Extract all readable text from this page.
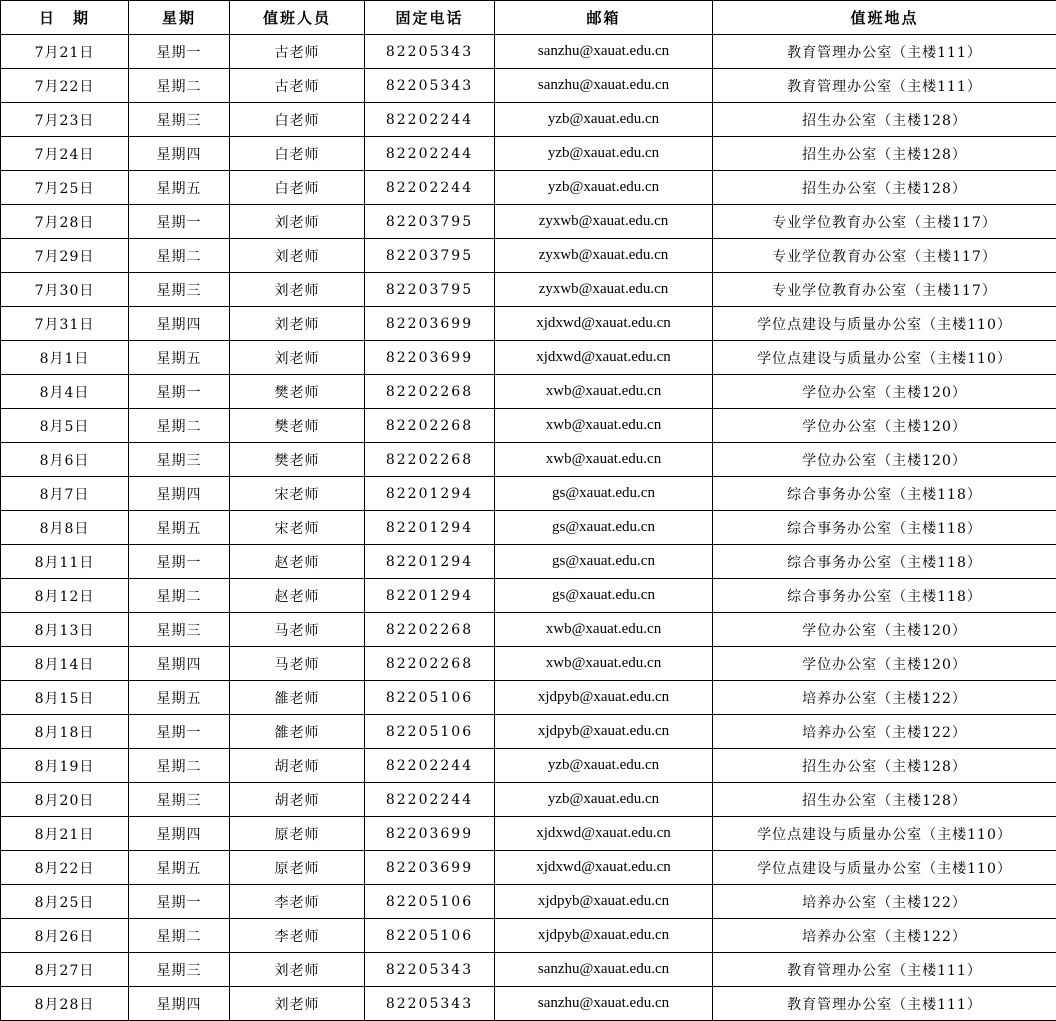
日　期	星期	值班人员	固定电话	邮箱	值班地点
7月21日	星期一	古老师	82205343	sanzhu@xauat.edu.cn	教育管理办公室（主楼111）
7月22日	星期二	古老师	82205343	sanzhu@xauat.edu.cn	教育管理办公室（主楼111）
7月23日	星期三	白老师	82202244	yzb@xauat.edu.cn	招生办公室（主楼128）
7月24日	星期四	白老师	82202244	yzb@xauat.edu.cn	招生办公室（主楼128）
7月25日	星期五	白老师	82202244	yzb@xauat.edu.cn	招生办公室（主楼128）
7月28日	星期一	刘老师	82203795	zyxwb@xauat.edu.cn	专业学位教育办公室（主楼117）
7月29日	星期二	刘老师	82203795	zyxwb@xauat.edu.cn	专业学位教育办公室（主楼117）
7月30日	星期三	刘老师	82203795	zyxwb@xauat.edu.cn	专业学位教育办公室（主楼117）
7月31日	星期四	刘老师	82203699	xjdxwd@xauat.edu.cn	学位点建设与质量办公室（主楼110）
8月1日	星期五	刘老师	82203699	xjdxwd@xauat.edu.cn	学位点建设与质量办公室（主楼110）
8月4日	星期一	樊老师	82202268	xwb@xauat.edu.cn	学位办公室（主楼120）
8月5日	星期二	樊老师	82202268	xwb@xauat.edu.cn	学位办公室（主楼120）
8月6日	星期三	樊老师	82202268	xwb@xauat.edu.cn	学位办公室（主楼120）
8月7日	星期四	宋老师	82201294	gs@xauat.edu.cn	综合事务办公室（主楼118）
8月8日	星期五	宋老师	82201294	gs@xauat.edu.cn	综合事务办公室（主楼118）
8月11日	星期一	赵老师	82201294	gs@xauat.edu.cn	综合事务办公室（主楼118）
8月12日	星期二	赵老师	82201294	gs@xauat.edu.cn	综合事务办公室（主楼118）
8月13日	星期三	马老师	82202268	xwb@xauat.edu.cn	学位办公室（主楼120）
8月14日	星期四	马老师	82202268	xwb@xauat.edu.cn	学位办公室（主楼120）
8月15日	星期五	雒老师	82205106	xjdpyb@xauat.edu.cn	培养办公室（主楼122）
8月18日	星期一	雒老师	82205106	xjdpyb@xauat.edu.cn	培养办公室（主楼122）
8月19日	星期二	胡老师	82202244	yzb@xauat.edu.cn	招生办公室（主楼128）
8月20日	星期三	胡老师	82202244	yzb@xauat.edu.cn	招生办公室（主楼128）
8月21日	星期四	原老师	82203699	xjdxwd@xauat.edu.cn	学位点建设与质量办公室（主楼110）
8月22日	星期五	原老师	82203699	xjdxwd@xauat.edu.cn	学位点建设与质量办公室（主楼110）
8月25日	星期一	李老师	82205106	xjdpyb@xauat.edu.cn	培养办公室（主楼122）
8月26日	星期二	李老师	82205106	xjdpyb@xauat.edu.cn	培养办公室（主楼122）
8月27日	星期三	刘老师	82205343	sanzhu@xauat.edu.cn	教育管理办公室（主楼111）
8月28日	星期四	刘老师	82205343	sanzhu@xauat.edu.cn	教育管理办公室（主楼111）
